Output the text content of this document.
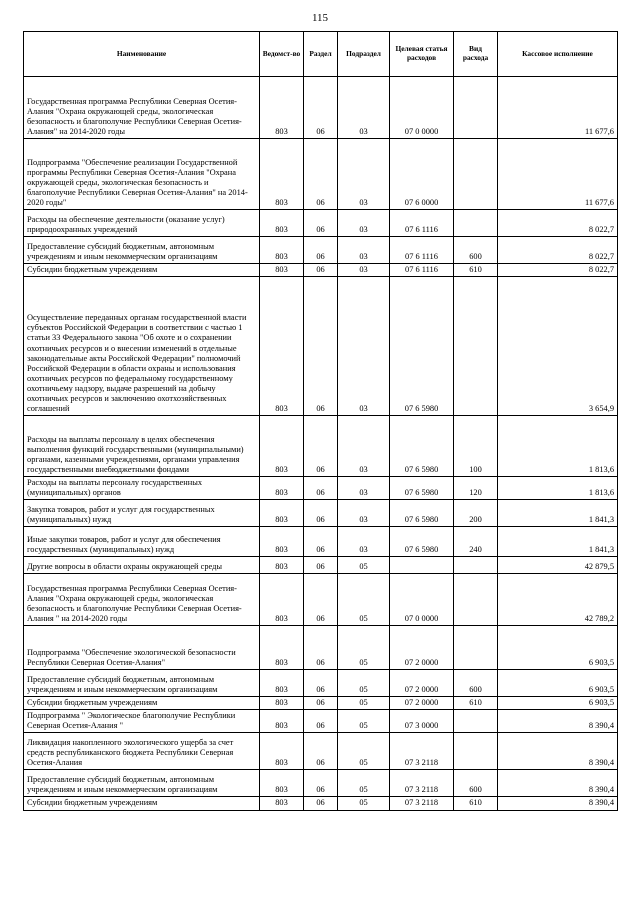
115
Наименование	Ведомст-во	Раздел	Подраздел	Целевая статья расходов	Вид расхода	Кассовое исполнение
Государственная программа Республики Северная Осетия-Алания "Охрана окружающей среды, экологическая безопасность и благополучие Республики Северная Осетия-Алания" на 2014-2020 годы	803	06	03	07 0 0000		11 677,6
Подпрограмма "Обеспечение реализации Государственной программы Республики Северная Осетия-Алания "Охрана окружающей среды, экологическая безопасность и благополучие Республики Северная Осетия-Алания" на 2014-2020 годы"	803	06	03	07 6 0000		11 677,6
Расходы на обеспечение деятельности (оказание услуг) природоохранных учреждений	803	06	03	07 6 1116		8 022,7
Предоставление субсидий бюджетным, автономным учреждениям и иным некоммерческим организациям	803	06	03	07 6 1116	600	8 022,7
Субсидии бюджетным учреждениям	803	06	03	07 6 1116	610	8 022,7
Осуществление переданных органам государственной власти субъектов Российской Федерации в соответствии с частью 1 статьи 33 Федерального закона "Об охоте и о сохранении охотничьих ресурсов и о внесении изменений в отдельные законодательные акты Российской Федерации" полномочий Российской Федерации в области охраны и использования охотничьих ресурсов по федеральному государственному охотничьему надзору, выдаче разрешений на добычу охотничьих ресурсов и заключению охотхозяйственных соглашений	803	06	03	07 6 5980		3 654,9
Расходы на выплаты персоналу в целях обеспечения выполнения функций государственными (муниципальными) органами, казенными учреждениями, органами управления государственными внебюджетными фондами	803	06	03	07 6 5980	100	1 813,6
Расходы на выплаты персоналу государственных (муниципальных) органов	803	06	03	07 6 5980	120	1 813,6
Закупка товаров, работ и услуг для государственных (муниципальных) нужд	803	06	03	07 6 5980	200	1 841,3
Иные закупки товаров, работ и услуг для обеспечения государственных (муниципальных) нужд	803	06	03	07 6 5980	240	1 841,3
Другие вопросы в области охраны окружающей среды	803	06	05			42 879,5
Государственная программа Республики Северная Осетия-Алания "Охрана окружающей среды, экологическая безопасность и благополучие Республики Северная Осетия-Алания " на 2014-2020 годы	803	06	05	07 0 0000		42 789,2
Подпрограмма "Обеспечение экологической безопасности Республики Северная Осетия-Алания"	803	06	05	07 2 0000		6 903,5
Предоставление субсидий бюджетным, автономным учреждениям и иным некоммерческим организациям	803	06	05	07 2 0000	600	6 903,5
Субсидии бюджетным учреждениям	803	06	05	07 2 0000	610	6 903,5
Подпрограмма " Экологическое благополучие Республики Северная Осетия-Алания "	803	06	05	07 3 0000		8 390,4
Ликвидация накопленного экологического ущерба за счет средств республиканского бюджета Республики Северная Осетия-Алания	803	06	05	07 3 2118		8 390,4
Предоставление субсидий бюджетным, автономным учреждениям и иным некоммерческим организациям	803	06	05	07 3 2118	600	8 390,4
Субсидии бюджетным учреждениям	803	06	05	07 3 2118	610	8 390,4
